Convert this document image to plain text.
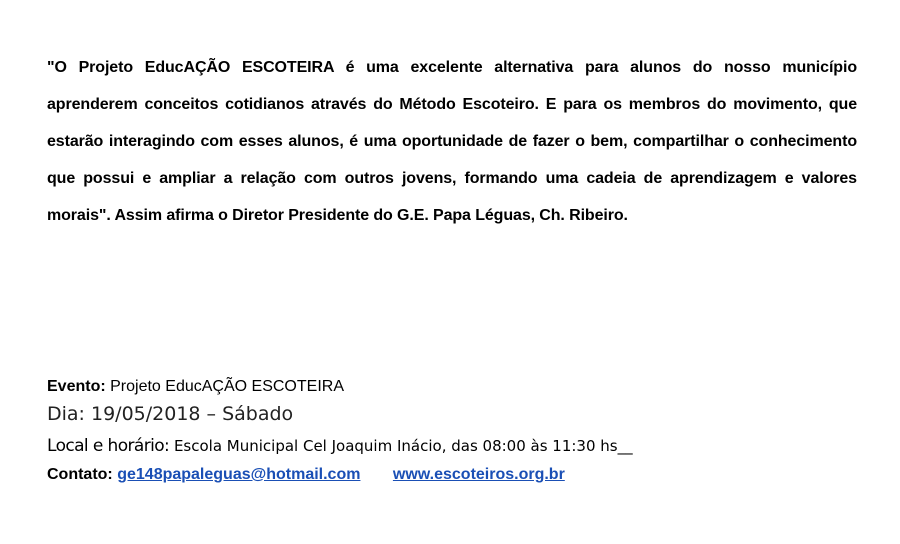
"O Projeto EducAÇÃO ESCOTEIRA é uma excelente alternativa para alunos do nosso município aprenderem conceitos cotidianos através do Método Escoteiro. E para os membros do movimento, que estarão interagindo com esses alunos, é uma oportunidade de fazer o bem, compartilhar o conhecimento que possui e ampliar a relação com outros jovens, formando uma cadeia de aprendizagem e valores morais". Assim afirma o Diretor Presidente do G.E. Papa Léguas, Ch. Ribeiro.

Evento: Projeto EducAÇÃO ESCOTEIRA
Dia: 19/05/2018 – Sábado
Local e horário: Escola Municipal Cel Joaquim Inácio, das 08:00 às 11:30 hs__
Contato: ge148papaleguas@hotmail.com www.escoteiros.org.br
